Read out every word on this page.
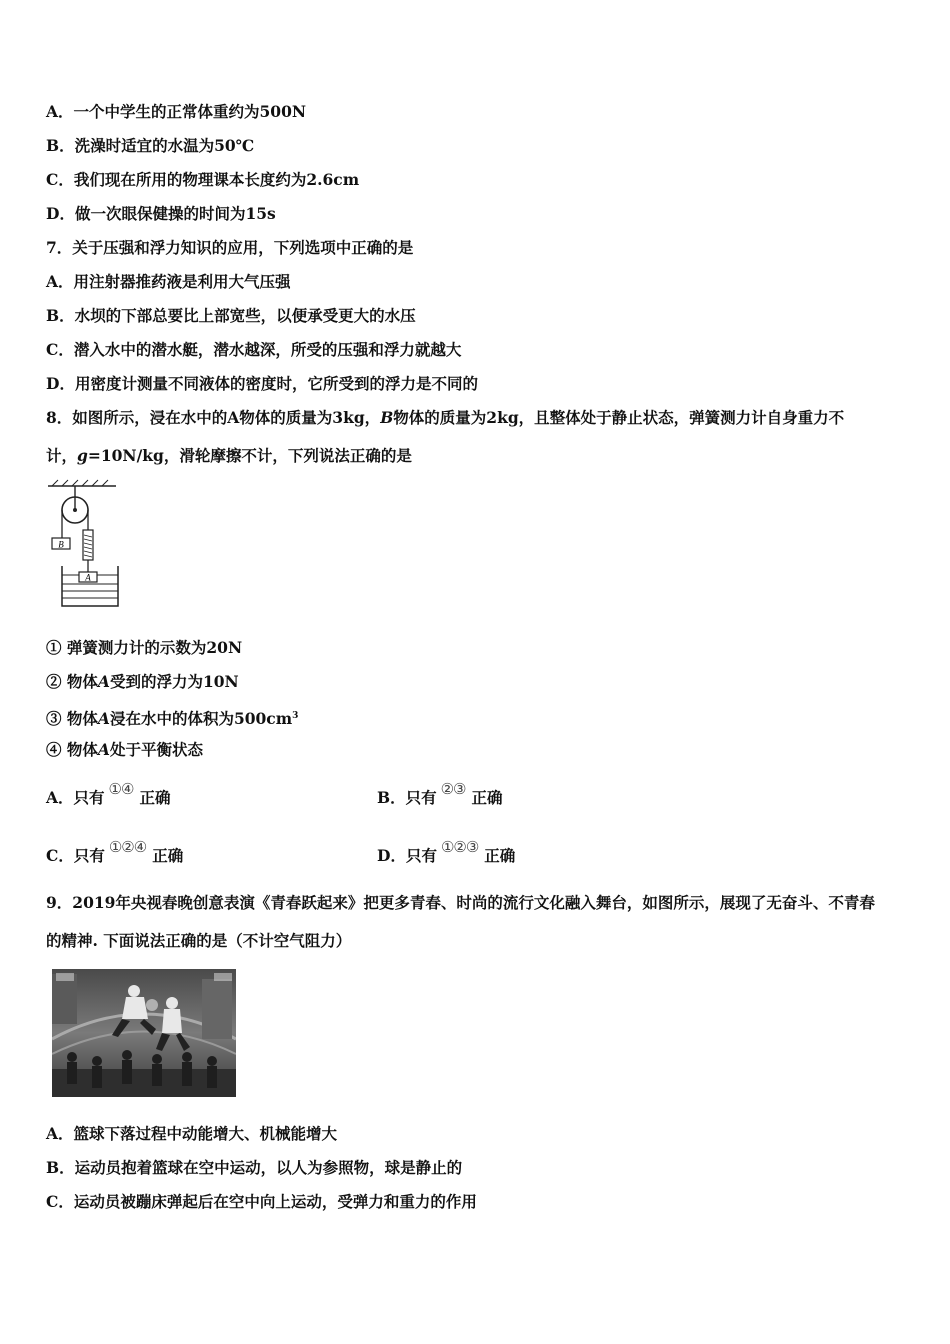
A．一个中学生的正常体重约为500N
B．洗澡时适宜的水温为50℃
C．我们现在所用的物理课本长度约为2.6cm
D．做一次眼保健操的时间为15s
7．关于压强和浮力知识的应用，下列选项中正确的是
A．用注射器推药液是利用大气压强
B．水坝的下部总要比上部宽些，以便承受更大的水压
C．潜入水中的潜水艇，潜水越深，所受的压强和浮力就越大
D．用密度计测量不同液体的密度时，它所受到的浮力是不同的
8．如图所示，浸在水中的A物体的质量为3kg，B物体的质量为2kg，且整体处于静止状态，弹簧测力计自身重力不
计，g=10N/kg，滑轮摩擦不计，下列说法正确的是
B
A
① 弹簧测力计的示数为20N
② 物体A受到的浮力为10N
③ 物体A浸在水中的体积为$500cm^3$
④ 物体A处于平衡状态
A．只有 ①④ 正确	B．只有 ②③ 正确
C．只有 ①②④ 正确	D．只有 ①②③ 正确
9．2019年央视春晚创意表演《青春跃起来》把更多青春、时尚的流行文化融入舞台，如图所示，展现了无奋斗、不青春
的精神. 下面说法正确的是（不计空气阻力）
A．篮球下落过程中动能增大、机械能增大
B．运动员抱着篮球在空中运动，以人为参照物，球是静止的
C．运动员被蹦床弹起后在空中向上运动，受弹力和重力的作用
